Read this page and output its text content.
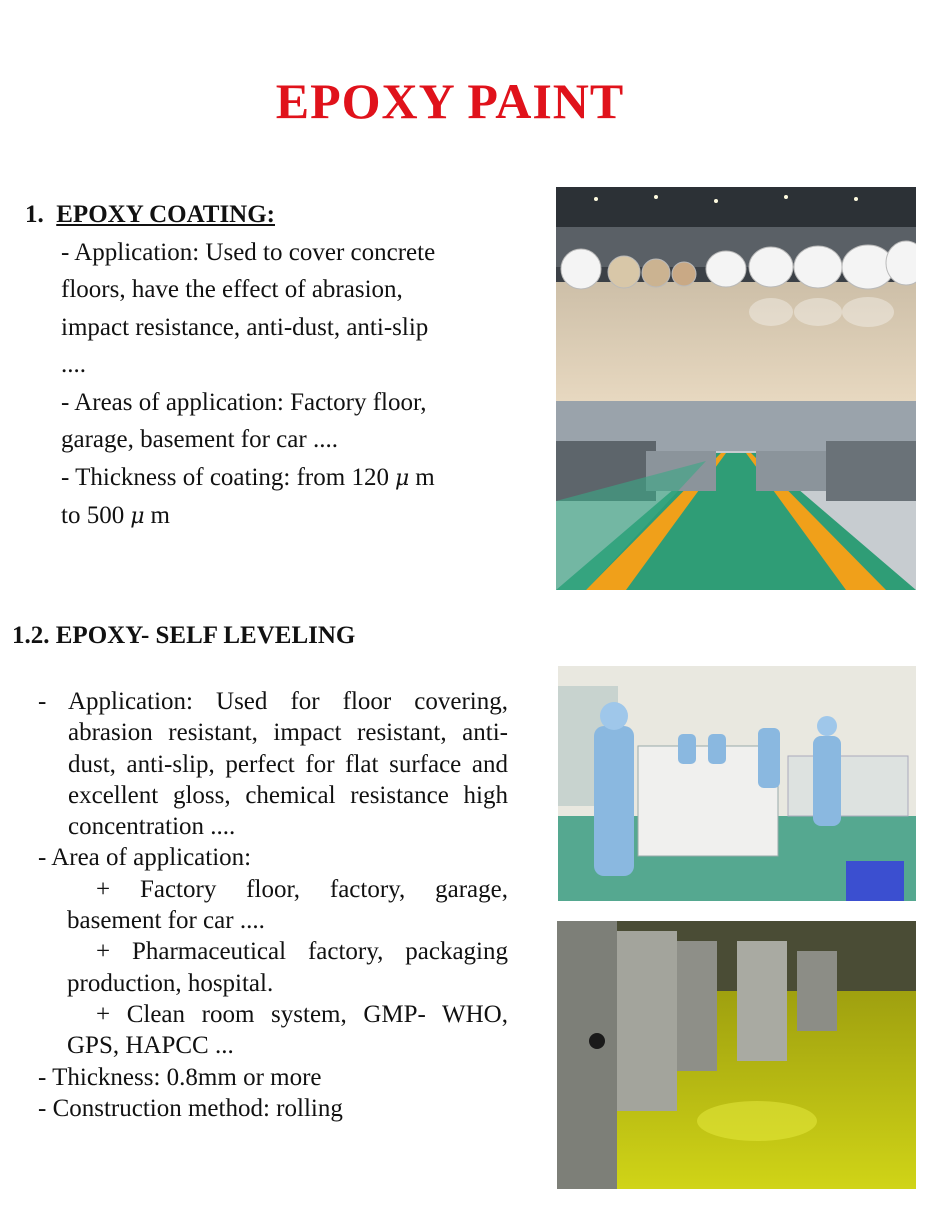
EPOXY PAINT
1. EPOXY COATING:
- Application: Used to cover concrete
floors, have the effect of abrasion,
impact resistance, anti-dust, anti-slip
....
- Areas of application: Factory floor,
garage, basement for car ....
- Thickness of coating: from 120 μ m
to 500 μ m
1.2. EPOXY- SELF LEVELING
- Application: Used for floor covering, abrasion resistant, impact resistant, anti-dust, anti-slip, perfect for flat surface and excellent gloss, chemical resistance high concentration ....
- Area of application:
+ Factory floor, factory, garage, basement for car ....
+ Pharmaceutical factory, packaging production, hospital.
+ Clean room system, GMP- WHO, GPS, HAPCC ...
- Thickness: 0.8mm or more
- Construction method: rolling
